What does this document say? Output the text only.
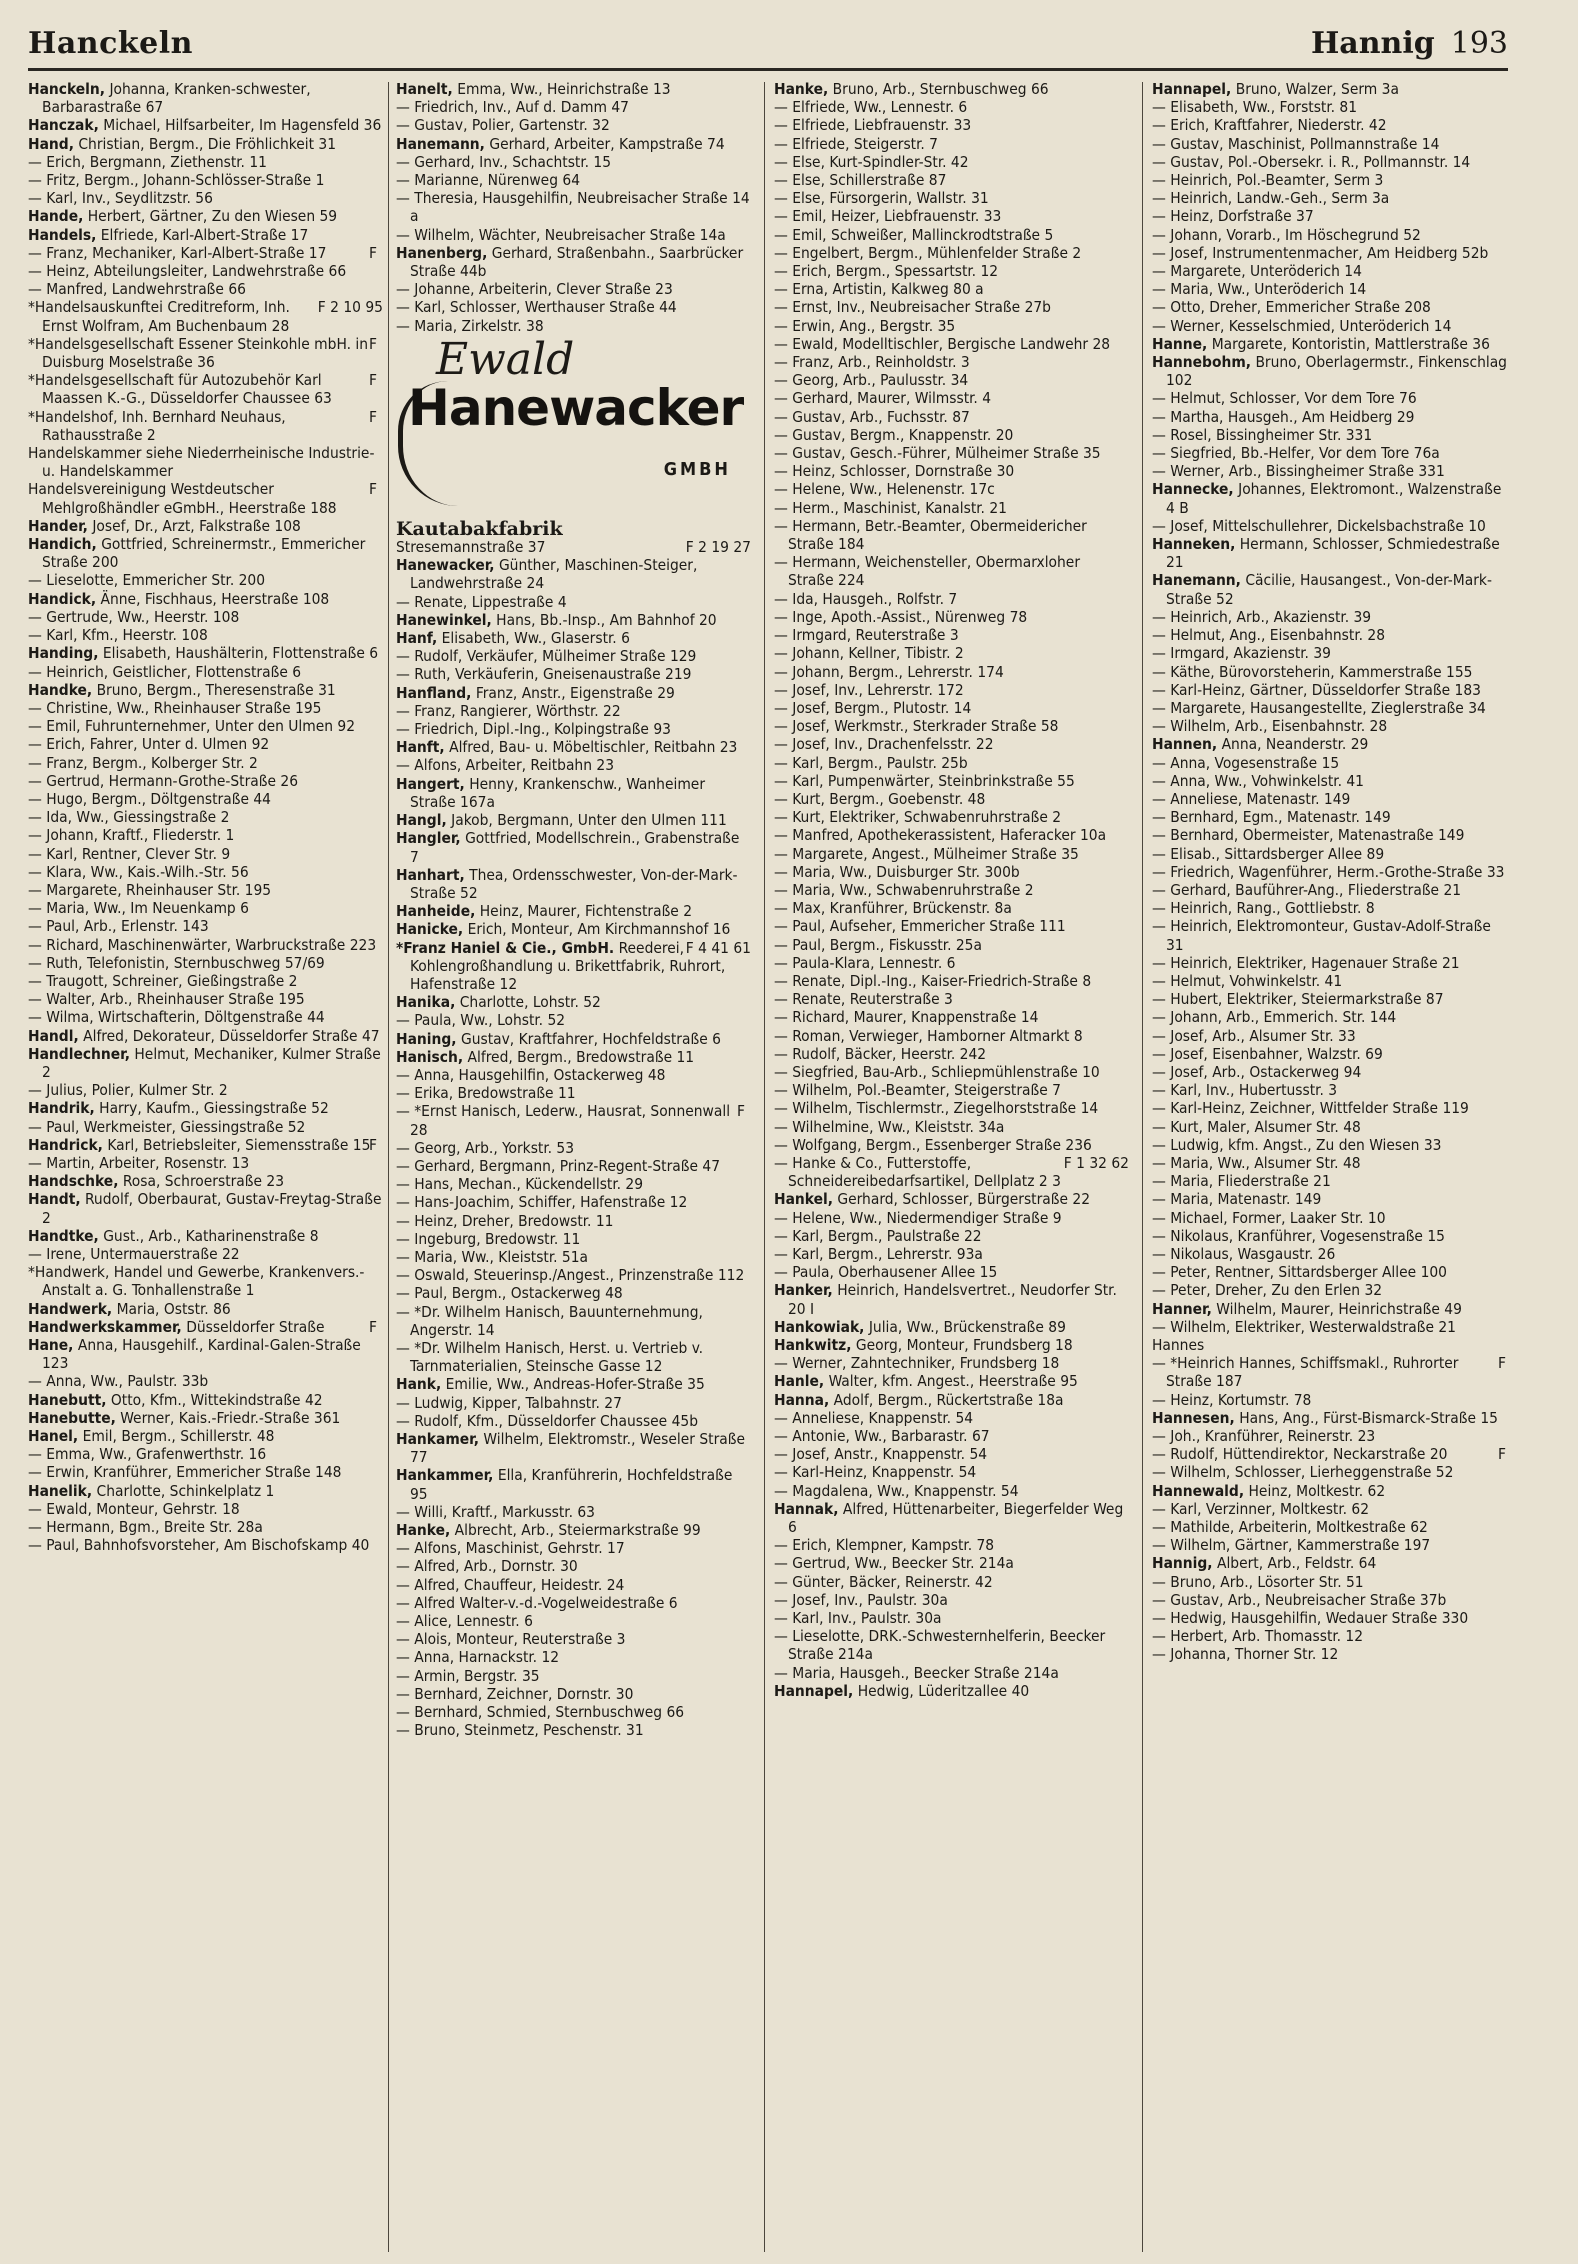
Hanckeln	Hannig 193

Hanckeln, Johanna, Kranken-schwester, Barbarastraße 67

Hanczak, Michael, Hilfsarbeiter, Im Hagensfeld 36

Hand, Christian, Bergm., Die Fröhlichkeit 31

— Erich, Bergmann, Ziethenstr. 11

— Fritz, Bergm., Johann-Schlösser-Straße 1

— Karl, Inv., Seydlitzstr. 56

Hande, Herbert, Gärtner, Zu den Wiesen 59

Handels, Elfriede, Karl-Albert-Straße 17

F
— Franz, Mechaniker, Karl-Albert-Straße 17

— Heinz, Abteilungsleiter, Landwehrstraße 66

— Manfred, Landwehrstraße 66

F 2 10 95
*Handelsauskunftei Creditreform, Inh. Ernst Wolfram, Am Buchenbaum 28

F
*Handelsgesellschaft Essener Steinkohle mbH. in Duisburg Moselstraße 36

F
*Handelsgesellschaft für Autozubehör Karl Maassen K.-G., Düsseldorfer Chaussee 63

F
*Handelshof, Inh. Bernhard Neuhaus, Rathausstraße 2

Handelskammer siehe Niederrheinische Industrie- u. Handelskammer

F
Handelsvereinigung Westdeutscher Mehlgroßhändler eGmbH., Heerstraße 188

Hander, Josef, Dr., Arzt, Falkstraße 108

Handich, Gottfried, Schreinermstr., Emmericher Straße 200

— Lieselotte, Emmericher Str. 200

Handick, Änne, Fischhaus, Heerstraße 108

— Gertrude, Ww., Heerstr. 108

— Karl, Kfm., Heerstr. 108

Handing, Elisabeth, Haushälterin, Flottenstraße 6

— Heinrich, Geistlicher, Flottenstraße 6

Handke, Bruno, Bergm., Theresenstraße 31

— Christine, Ww., Rheinhauser Straße 195

— Emil, Fuhrunternehmer, Unter den Ulmen 92

— Erich, Fahrer, Unter d. Ulmen 92

— Franz, Bergm., Kolberger Str. 2

— Gertrud, Hermann-Grothe-Straße 26

— Hugo, Bergm., Döltgenstraße 44

— Ida, Ww., Giessingstraße 2

— Johann, Kraftf., Fliederstr. 1

— Karl, Rentner, Clever Str. 9

— Klara, Ww., Kais.-Wilh.-Str. 56

— Margarete, Rheinhauser Str. 195

— Maria, Ww., Im Neuenkamp 6

— Paul, Arb., Erlenstr. 143

— Richard, Maschinenwärter, Warbruckstraße 223

— Ruth, Telefonistin, Sternbuschweg 57/69

— Traugott, Schreiner, Gießingstraße 2

— Walter, Arb., Rheinhauser Straße 195

— Wilma, Wirtschafterin, Döltgenstraße 44

Handl, Alfred, Dekorateur, Düsseldorfer Straße 47

Handlechner, Helmut, Mechaniker, Kulmer Straße 2

— Julius, Polier, Kulmer Str. 2

Handrik, Harry, Kaufm., Giessingstraße 52

— Paul, Werkmeister, Giessingstraße 52

F
Handrick, Karl, Betriebsleiter, Siemensstraße 15

— Martin, Arbeiter, Rosenstr. 13

Handschke, Rosa, Schroerstraße 23

Handt, Rudolf, Oberbaurat, Gustav-Freytag-Straße 2

Handtke, Gust., Arb., Katharinenstraße 8

— Irene, Untermauerstraße 22

*Handwerk, Handel und Gewerbe, Krankenvers.-Anstalt a. G. Tonhallenstraße 1

Handwerk, Maria, Oststr. 86

F
Handwerkskammer, Düsseldorfer Straße

Hane, Anna, Hausgehilf., Kardinal-Galen-Straße 123

— Anna, Ww., Paulstr. 33b

Hanebutt, Otto, Kfm., Wittekindstraße 42

Hanebutte, Werner, Kais.-Friedr.-Straße 361

Hanel, Emil, Bergm., Schillerstr. 48

— Emma, Ww., Grafenwerthstr. 16

— Erwin, Kranführer, Emmericher Straße 148

Hanelik, Charlotte, Schinkelplatz 1

— Ewald, Monteur, Gehrstr. 18

— Hermann, Bgm., Breite Str. 28a

— Paul, Bahnhofsvorsteher, Am Bischofskamp 40

Hanelt, Emma, Ww., Heinrichstraße 13

— Friedrich, Inv., Auf d. Damm 47

— Gustav, Polier, Gartenstr. 32

Hanemann, Gerhard, Arbeiter, Kampstraße 74

— Gerhard, Inv., Schachtstr. 15

— Marianne, Nürenweg 64

— Theresia, Hausgehilfin, Neubreisacher Straße 14 a

— Wilhelm, Wächter, Neubreisacher Straße 14a

Hanenberg, Gerhard, Straßenbahn., Saarbrücker Straße 44b

— Johanne, Arbeiterin, Clever Straße 23

— Karl, Schlosser, Werthauser Straße 44

— Maria, Zirkelstr. 38

Ewald
Hanewacker
GMBH
Kautabakfabrik

Stresemannstraße 37	F 2 19 27

Hanewacker, Günther, Maschinen-Steiger, Landwehrstraße 24

— Renate, Lippestraße 4

Hanewinkel, Hans, Bb.-Insp., Am Bahnhof 20

Hanf, Elisabeth, Ww., Glaserstr. 6

— Rudolf, Verkäufer, Mülheimer Straße 129

— Ruth, Verkäuferin, Gneisenaustraße 219

Hanfland, Franz, Anstr., Eigenstraße 29

— Franz, Rangierer, Wörthstr. 22

— Friedrich, Dipl.-Ing., Kolpingstraße 93

Hanft, Alfred, Bau- u. Möbeltischler, Reitbahn 23

— Alfons, Arbeiter, Reitbahn 23

Hangert, Henny, Krankenschw., Wanheimer Straße 167a

Hangl, Jakob, Bergmann, Unter den Ulmen 111

Hangler, Gottfried, Modellschrein., Grabenstraße 7

Hanhart, Thea, Ordensschwester, Von-der-Mark-Straße 52

Hanheide, Heinz, Maurer, Fichtenstraße 2

Hanicke, Erich, Monteur, Am Kirchmannshof 16

F 4 41 61
*Franz Haniel & Cie., GmbH. Reederei, Kohlengroßhandlung u. Brikettfabrik, Ruhrort, Hafenstraße 12

Hanika, Charlotte, Lohstr. 52

— Paula, Ww., Lohstr. 52

Haning, Gustav, Kraftfahrer, Hochfeldstraße 6

Hanisch, Alfred, Bergm., Bredowstraße 11

— Anna, Hausgehilfin, Ostackerweg 48

— Erika, Bredowstraße 11

F
— *Ernst Hanisch, Lederw., Hausrat, Sonnenwall 28

— Georg, Arb., Yorkstr. 53

— Gerhard, Bergmann, Prinz-Regent-Straße 47

— Hans, Mechan., Kückendellstr. 29

— Hans-Joachim, Schiffer, Hafenstraße 12

— Heinz, Dreher, Bredowstr. 11

— Ingeburg, Bredowstr. 11

— Maria, Ww., Kleiststr. 51a

— Oswald, Steuerinsp./Angest., Prinzenstraße 112

— Paul, Bergm., Ostackerweg 48

— *Dr. Wilhelm Hanisch, Bauunternehmung, Angerstr. 14

— *Dr. Wilhelm Hanisch, Herst. u. Vertrieb v. Tarnmaterialien, Steinsche Gasse 12

Hank, Emilie, Ww., Andreas-Hofer-Straße 35

— Ludwig, Kipper, Talbahnstr. 27

— Rudolf, Kfm., Düsseldorfer Chaussee 45b

Hankamer, Wilhelm, Elektromstr., Weseler Straße 77

Hankammer, Ella, Kranführerin, Hochfeldstraße 95

— Willi, Kraftf., Markusstr. 63

Hanke, Albrecht, Arb., Steiermarkstraße 99

— Alfons, Maschinist, Gehrstr. 17

— Alfred, Arb., Dornstr. 30

— Alfred, Chauffeur, Heidestr. 24

— Alfred Walter-v.-d.-Vogelweidestraße 6

— Alice, Lennestr. 6

— Alois, Monteur, Reuterstraße 3

— Anna, Harnackstr. 12

— Armin, Bergstr. 35

— Bernhard, Zeichner, Dornstr. 30

— Bernhard, Schmied, Sternbuschweg 66

— Bruno, Steinmetz, Peschenstr. 31

Hanke, Bruno, Arb., Sternbuschweg 66

— Elfriede, Ww., Lennestr. 6

— Elfriede, Liebfrauenstr. 33

— Elfriede, Steigerstr. 7

— Else, Kurt-Spindler-Str. 42

— Else, Schillerstraße 87

— Else, Fürsorgerin, Wallstr. 31

— Emil, Heizer, Liebfrauenstr. 33

— Emil, Schweißer, Mallinckrodtstraße 5

— Engelbert, Bergm., Mühlenfelder Straße 2

— Erich, Bergm., Spessartstr. 12

— Erna, Artistin, Kalkweg 80 a

— Ernst, Inv., Neubreisacher Straße 27b

— Erwin, Ang., Bergstr. 35

— Ewald, Modelltischler, Bergische Landwehr 28

— Franz, Arb., Reinholdstr. 3

— Georg, Arb., Paulusstr. 34

— Gerhard, Maurer, Wilmsstr. 4

— Gustav, Arb., Fuchsstr. 87

— Gustav, Bergm., Knappenstr. 20

— Gustav, Gesch.-Führer, Mülheimer Straße 35

— Heinz, Schlosser, Dornstraße 30

— Helene, Ww., Helenenstr. 17c

— Herm., Maschinist, Kanalstr. 21

— Hermann, Betr.-Beamter, Obermeidericher Straße 184

— Hermann, Weichensteller, Obermarxloher Straße 224

— Ida, Hausgeh., Rolfstr. 7

— Inge, Apoth.-Assist., Nürenweg 78

— Irmgard, Reuterstraße 3

— Johann, Kellner, Tibistr. 2

— Johann, Bergm., Lehrerstr. 174

— Josef, Inv., Lehrerstr. 172

— Josef, Bergm., Plutostr. 14

— Josef, Werkmstr., Sterkrader Straße 58

— Josef, Inv., Drachenfelsstr. 22

— Karl, Bergm., Paulstr. 25b

— Karl, Pumpenwärter, Steinbrinkstraße 55

— Kurt, Bergm., Goebenstr. 48

— Kurt, Elektriker, Schwabenruhrstraße 2

— Manfred, Apothekerassistent, Haferacker 10a

— Margarete, Angest., Mülheimer Straße 35

— Maria, Ww., Duisburger Str. 300b

— Maria, Ww., Schwabenruhrstraße 2

— Max, Kranführer, Brückenstr. 8a

— Paul, Aufseher, Emmericher Straße 111

— Paul, Bergm., Fiskusstr. 25a

— Paula-Klara, Lennestr. 6

— Renate, Dipl.-Ing., Kaiser-Friedrich-Straße 8

— Renate, Reuterstraße 3

— Richard, Maurer, Knappenstraße 14

— Roman, Verwieger, Hamborner Altmarkt 8

— Rudolf, Bäcker, Heerstr. 242

— Siegfried, Bau-Arb., Schliepmühlenstraße 10

— Wilhelm, Pol.-Beamter, Steigerstraße 7

— Wilhelm, Tischlermstr., Ziegelhorststraße 14

— Wilhelmine, Ww., Kleiststr. 34a

— Wolfgang, Bergm., Essenberger Straße 236

F 1 32 62
— Hanke & Co., Futterstoffe, Schneidereibedarfsartikel, Dellplatz 2 3

Hankel, Gerhard, Schlosser, Bürgerstraße 22

— Helene, Ww., Niedermendiger Straße 9

— Karl, Bergm., Paulstraße 22

— Karl, Bergm., Lehrerstr. 93a

— Paula, Oberhausener Allee 15

Hanker, Heinrich, Handelsvertret., Neudorfer Str. 20 I

Hankowiak, Julia, Ww., Brückenstraße 89

Hankwitz, Georg, Monteur, Frundsberg 18

— Werner, Zahntechniker, Frundsberg 18

Hanle, Walter, kfm. Angest., Heerstraße 95

Hanna, Adolf, Bergm., Rückertstraße 18a

— Anneliese, Knappenstr. 54

— Antonie, Ww., Barbarastr. 67

— Josef, Anstr., Knappenstr. 54

— Karl-Heinz, Knappenstr. 54

— Magdalena, Ww., Knappenstr. 54

Hannak, Alfred, Hüttenarbeiter, Biegerfelder Weg 6

— Erich, Klempner, Kampstr. 78

— Gertrud, Ww., Beecker Str. 214a

— Günter, Bäcker, Reinerstr. 42

— Josef, Inv., Paulstr. 30a

— Karl, Inv., Paulstr. 30a

— Lieselotte, DRK.-Schwesternhelferin, Beecker Straße 214a

— Maria, Hausgeh., Beecker Straße 214a

Hannapel, Hedwig, Lüderitzallee 40

Hannapel, Bruno, Walzer, Serm 3a

— Elisabeth, Ww., Forststr. 81

— Erich, Kraftfahrer, Niederstr. 42

— Gustav, Maschinist, Pollmannstraße 14

— Gustav, Pol.-Obersekr. i. R., Pollmannstr. 14

— Heinrich, Pol.-Beamter, Serm 3

— Heinrich, Landw.-Geh., Serm 3a

— Heinz, Dorfstraße 37

— Johann, Vorarb., Im Höschegrund 52

— Josef, Instrumentenmacher, Am Heidberg 52b

— Margarete, Unteröderich 14

— Maria, Ww., Unteröderich 14

— Otto, Dreher, Emmericher Straße 208

— Werner, Kesselschmied, Unteröderich 14

Hanne, Margarete, Kontoristin, Mattlerstraße 36

Hannebohm, Bruno, Oberlagermstr., Finkenschlag 102

— Helmut, Schlosser, Vor dem Tore 76

— Martha, Hausgeh., Am Heidberg 29

— Rosel, Bissingheimer Str. 331

— Siegfried, Bb.-Helfer, Vor dem Tore 76a

— Werner, Arb., Bissingheimer Straße 331

Hannecke, Johannes, Elektromont., Walzenstraße 4 B

— Josef, Mittelschullehrer, Dickelsbachstraße 10

Hanneken, Hermann, Schlosser, Schmiedestraße 21

Hanemann, Cäcilie, Hausangest., Von-der-Mark-Straße 52

— Heinrich, Arb., Akazienstr. 39

— Helmut, Ang., Eisenbahnstr. 28

— Irmgard, Akazienstr. 39

— Käthe, Bürovorsteherin, Kammerstraße 155

— Karl-Heinz, Gärtner, Düsseldorfer Straße 183

— Margarete, Hausangestellte, Zieglerstraße 34

— Wilhelm, Arb., Eisenbahnstr. 28

Hannen, Anna, Neanderstr. 29

— Anna, Vogesenstraße 15

— Anna, Ww., Vohwinkelstr. 41

— Anneliese, Matenastr. 149

— Bernhard, Egm., Matenastr. 149

— Bernhard, Obermeister, Matenastraße 149

— Elisab., Sittardsberger Allee 89

— Friedrich, Wagenführer, Herm.-Grothe-Straße 33

— Gerhard, Bauführer-Ang., Fliederstraße 21

— Heinrich, Rang., Gottliebstr. 8

— Heinrich, Elektromonteur, Gustav-Adolf-Straße 31

— Heinrich, Elektriker, Hagenauer Straße 21

— Helmut, Vohwinkelstr. 41

— Hubert, Elektriker, Steiermarkstraße 87

— Johann, Arb., Emmerich. Str. 144

— Josef, Arb., Alsumer Str. 33

— Josef, Eisenbahner, Walzstr. 69

— Josef, Arb., Ostackerweg 94

— Karl, Inv., Hubertusstr. 3

— Karl-Heinz, Zeichner, Wittfelder Straße 119

— Kurt, Maler, Alsumer Str. 48

— Ludwig, kfm. Angst., Zu den Wiesen 33

— Maria, Ww., Alsumer Str. 48

— Maria, Fliederstraße 21

— Maria, Matenastr. 149

— Michael, Former, Laaker Str. 10

— Nikolaus, Kranführer, Vogesenstraße 15

— Nikolaus, Wasgaustr. 26

— Peter, Rentner, Sittardsberger Allee 100

— Peter, Dreher, Zu den Erlen 32

Hanner, Wilhelm, Maurer, Heinrichstraße 49

— Wilhelm, Elektriker, Westerwaldstraße 21

Hannes

F
— *Heinrich Hannes, Schiffsmakl., Ruhrorter Straße 187

— Heinz, Kortumstr. 78

Hannesen, Hans, Ang., Fürst-Bismarck-Straße 15

— Joh., Kranführer, Reinerstr. 23

F
— Rudolf, Hüttendirektor, Neckarstraße 20

— Wilhelm, Schlosser, Lierheggenstraße 52

Hannewald, Heinz, Moltkestr. 62

— Karl, Verzinner, Moltkestr. 62

— Mathilde, Arbeiterin, Moltkestraße 62

— Wilhelm, Gärtner, Kammerstraße 197

Hannig, Albert, Arb., Feldstr. 64

— Bruno, Arb., Lösorter Str. 51

— Gustav, Arb., Neubreisacher Straße 37b

— Hedwig, Hausgehilfin, Wedauer Straße 330

— Herbert, Arb. Thomasstr. 12

— Johanna, Thorner Str. 12
